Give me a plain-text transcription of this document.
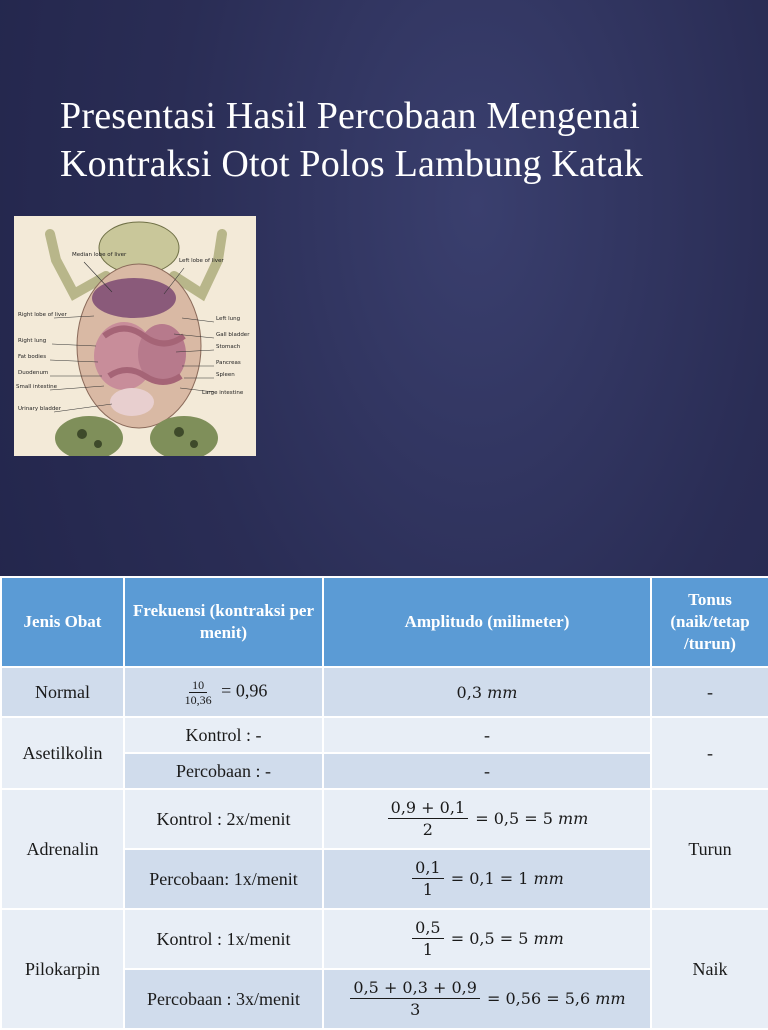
Presentasi Hasil Percobaan Mengenai
Kontraksi Otot Polos Lambung Katak
Median lobe of liver
Left lobe of liver
Right lobe of liver
Left lung
Gall bladder
Right lung
Stomach
Fat bodies
Pancreas
Duodenum	Spleen
Small intestine
Large intestine
Urinary bladder
Jenis Obat	Frekuensi (kontraksi per menit)	Amplitudo (milimeter)	Tonus (naik/tetap /turun)
Normal	$\frac{10}{10,36} = 0,96$	0,3 mm	-
Asetilkolin	Kontrol : -	-	-
	Percobaan : -	-	
Adrenalin	Kontrol : 2x/menit	$\frac{0,9 + 0,1}{2} = 0,5 = 5$ mm	Turun
	Percobaan: 1x/menit	$\frac{0,1}{1} = 0,1 = 1$ mm	
Pilokarpin	Kontrol : 1x/menit	$\frac{0,5}{1} = 0,5 = 5$ mm	Naik
	Percobaan : 3x/menit	$\frac{0,5 + 0,3 + 0,9}{3} = 0,56 = 5,6$ mm	
